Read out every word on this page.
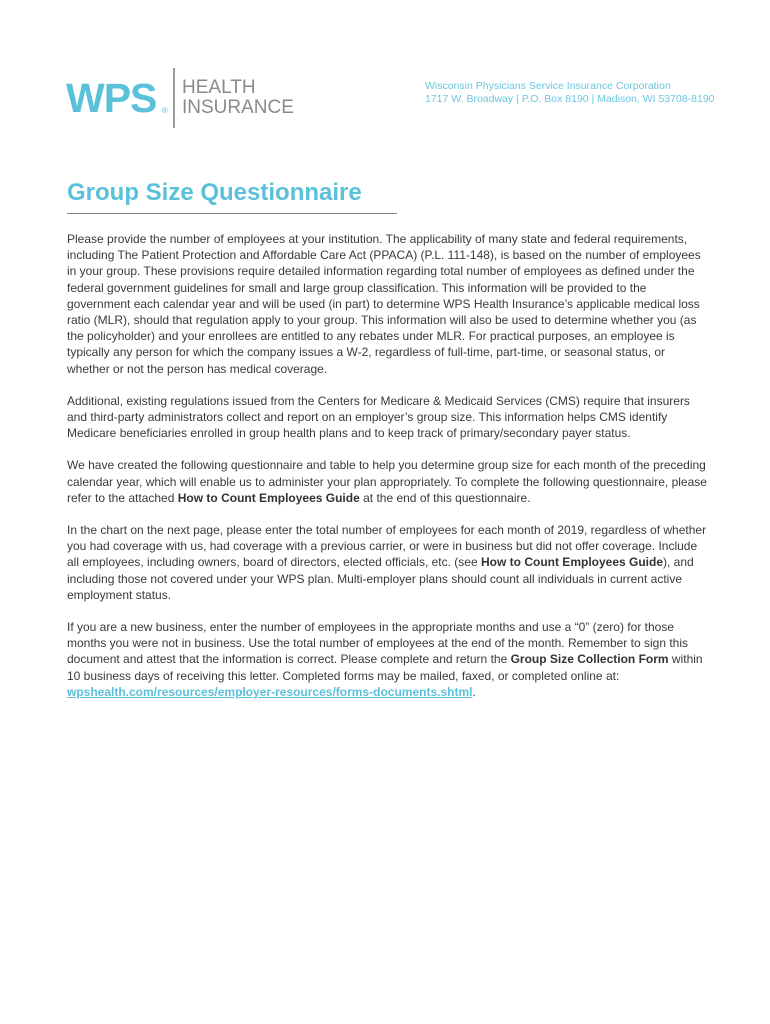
WPS ®
HEALTH
INSURANCE
Wisconsin Physicians Service Insurance Corporation
1717 W. Broadway | P.O. Box 8190 | Madison, WI 53708-8190
Group Size Questionnaire

Please provide the number of employees at your institution. The applicability of many state and federal requirements, including The Patient Protection and Affordable Care Act (PPACA) (P.L. 111-148), is based on the number of employees in your group. These provisions require detailed information regarding total number of employees as defined under the federal government guidelines for small and large group classification. This information will be provided to the government each calendar year and will be used (in part) to determine WPS Health Insurance’s applicable medical loss ratio (MLR), should that regulation apply to your group. This information will also be used to determine whether you (as the policyholder) and your enrollees are entitled to any rebates under MLR. For practical purposes, an employee is typically any person for which the company issues a W-2, regardless of full-time, part-time, or seasonal status, or whether or not the person has medical coverage.

Additional, existing regulations issued from the Centers for Medicare & Medicaid Services (CMS) require that insurers and third-party administrators collect and report on an employer’s group size. This information helps CMS identify Medicare beneficiaries enrolled in group health plans and to keep track of primary/secondary payer status.

We have created the following questionnaire and table to help you determine group size for each month of the preceding calendar year, which will enable us to administer your plan appropriately. To complete the following questionnaire, please refer to the attached How to Count Employees Guide at the end of this questionnaire.

In the chart on the next page, please enter the total number of employees for each month of 2019, regardless of whether you had coverage with us, had coverage with a previous carrier, or were in business but did not offer coverage. Include all employees, including owners, board of directors, elected officials, etc. (see How to Count Employees Guide), and including those not covered under your WPS plan. Multi-employer plans should count all individuals in current active employment status.

If you are a new business, enter the number of employees in the appropriate months and use a “0” (zero) for those months you were not in business. Use the total number of employees at the end of the month. Remember to sign this document and attest that the information is correct. Please complete and return the Group Size Collection Form within 10 business days of receiving this letter. Completed forms may be mailed, faxed, or completed online at: wpshealth.com/resources/employer-resources/forms-documents.shtml.
